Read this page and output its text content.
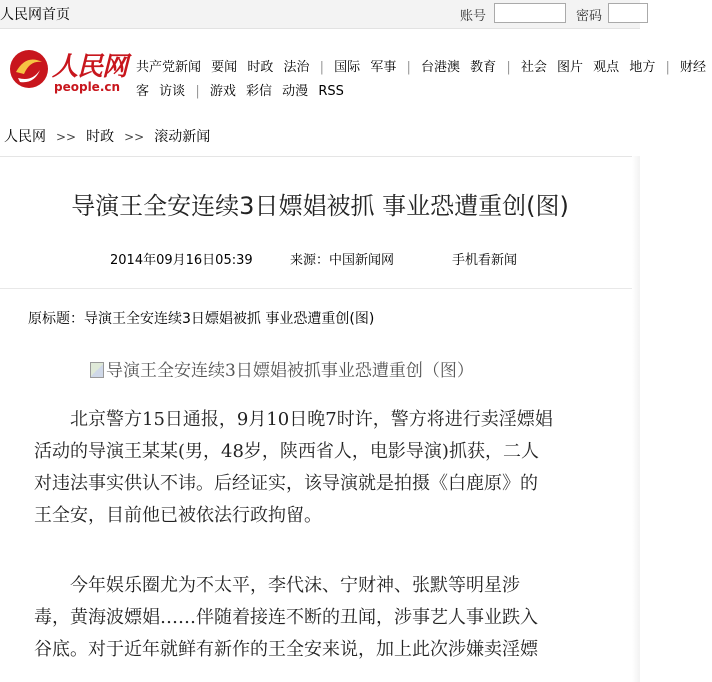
人民网首页	账号	密码
人民网
people.cn
共产党新闻 要闻 时政 法治 | 国际 军事 | 台港澳 教育 | 社会 图片 观点 地方 | 财经
客 访谈 | 游戏 彩信 动漫 RSS
人民网 >> 时政 >> 滚动新闻
导演王全安连续3日嫖娼被抓 事业恐遭重创(图)
2014年09月16日05:39	来源：中国新闻网	手机看新闻
原标题：导演王全安连续3日嫖娼被抓 事业恐遭重创(图)
导演王全安连续3日嫖娼被抓事业恐遭重创（图）
北京警方15日通报，9月10日晚7时许，警方将进行卖淫嫖娼
活动的导演王某某(男，48岁，陕西省人，电影导演)抓获，二人
对违法事实供认不讳。后经证实，该导演就是拍摄《白鹿原》的
王全安，目前他已被依法行政拘留。
今年娱乐圈尤为不太平，李代沫、宁财神、张默等明星涉
毒，黄海波嫖娼……伴随着接连不断的丑闻，涉事艺人事业跌入
谷底。对于近年就鲜有新作的王全安来说，加上此次涉嫌卖淫嫖
